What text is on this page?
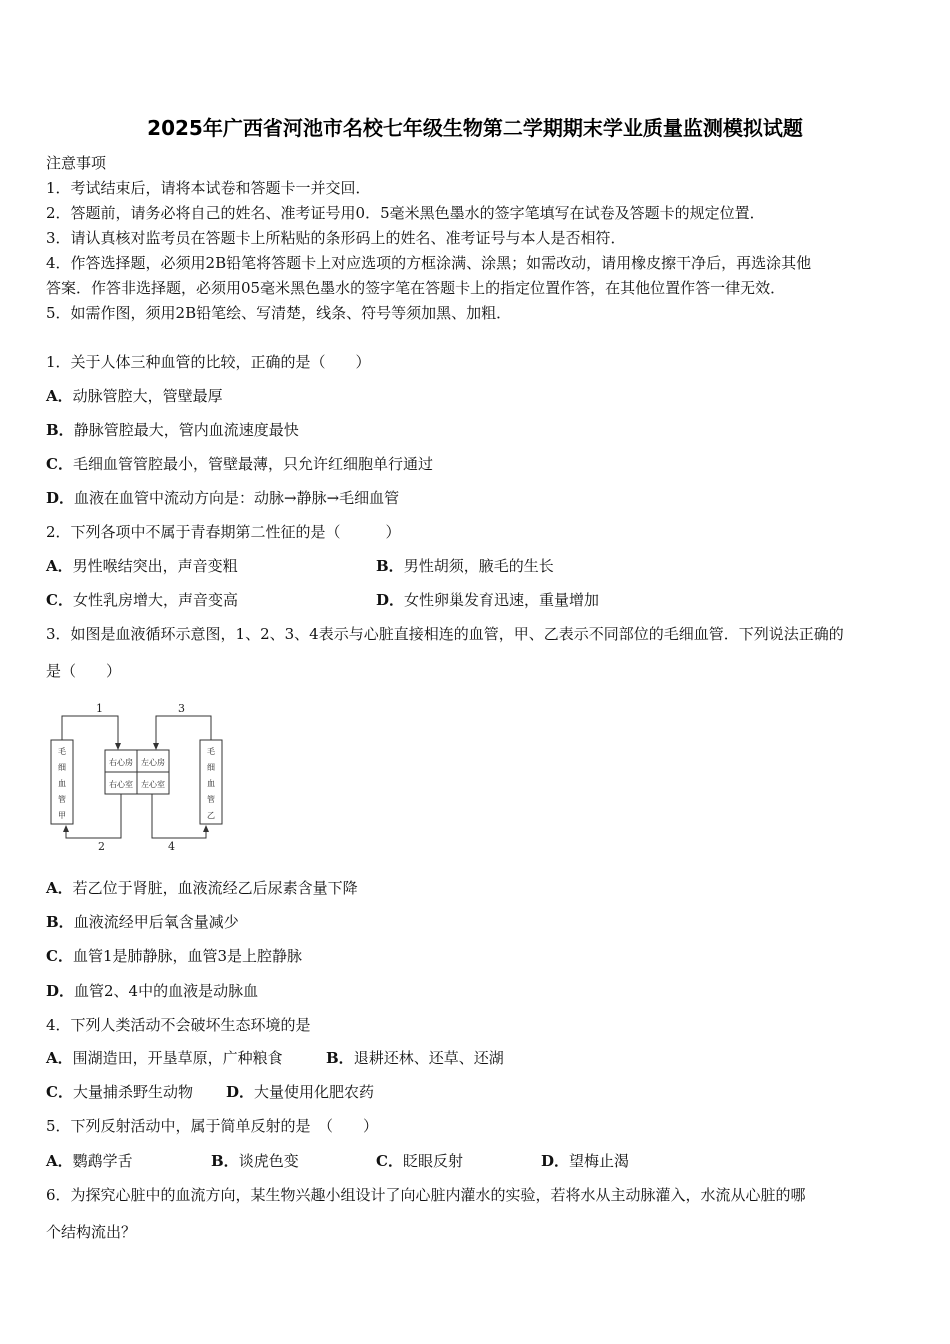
2025年广西省河池市名校七年级生物第二学期期末学业质量监测模拟试题
注意事项
1．考试结束后，请将本试卷和答题卡一并交回．
2．答题前，请务必将自己的姓名、准考证号用0．5毫米黑色墨水的签字笔填写在试卷及答题卡的规定位置．
3．请认真核对监考员在答题卡上所粘贴的条形码上的姓名、准考证号与本人是否相符．
4．作答选择题，必须用2B铅笔将答题卡上对应选项的方框涂满、涂黑；如需改动，请用橡皮擦干净后，再选涂其他
答案．作答非选择题，必须用05毫米黑色墨水的签字笔在答题卡上的指定位置作答，在其他位置作答一律无效．
5．如需作图，须用2B铅笔绘、写清楚，线条、符号等须加黑、加粗．
1．关于人体三种血管的比较，正确的是（　　）
A．动脉管腔大，管壁最厚
B．静脉管腔最大，管内血流速度最快
C．毛细血管管腔最小，管壁最薄，只允许红细胞单行通过
D．血液在血管中流动方向是：动脉→静脉→毛细血管
2．下列各项中不属于青春期第二性征的是（　　　）
A．男性喉结突出，声音变粗	B．男性胡须，腋毛的生长
C．女性乳房增大，声音变高	D．女性卵巢发育迅速，重量增加
3．如图是血液循环示意图，1、2、3、4表示与心脏直接相连的血管，甲、乙表示不同部位的毛细血管．下列说法正确的
是（　　）
1	3
2	4
毛
细
血
管
甲
毛
细
血
管
乙
右心房 左心房
右心室 左心室
A．若乙位于肾脏，血液流经乙后尿素含量下降
B．血液流经甲后氧含量减少
C．血管1是肺静脉，血管3是上腔静脉
D．血管2、4中的血液是动脉血
4．下列人类活动不会破坏生态环境的是
A．围湖造田，开垦草原，广种粮食	B．退耕还林、还草、还湖
C．大量捕杀野生动物 D．大量使用化肥农药
5．下列反射活动中，属于简单反射的是　（　　）
A．鹦鹉学舌	B．谈虎色变	C．眨眼反射	D．望梅止渴
6．为探究心脏中的血流方向，某生物兴趣小组设计了向心脏内灌水的实验，若将水从主动脉灌入，水流从心脏的哪
个结构流出？
